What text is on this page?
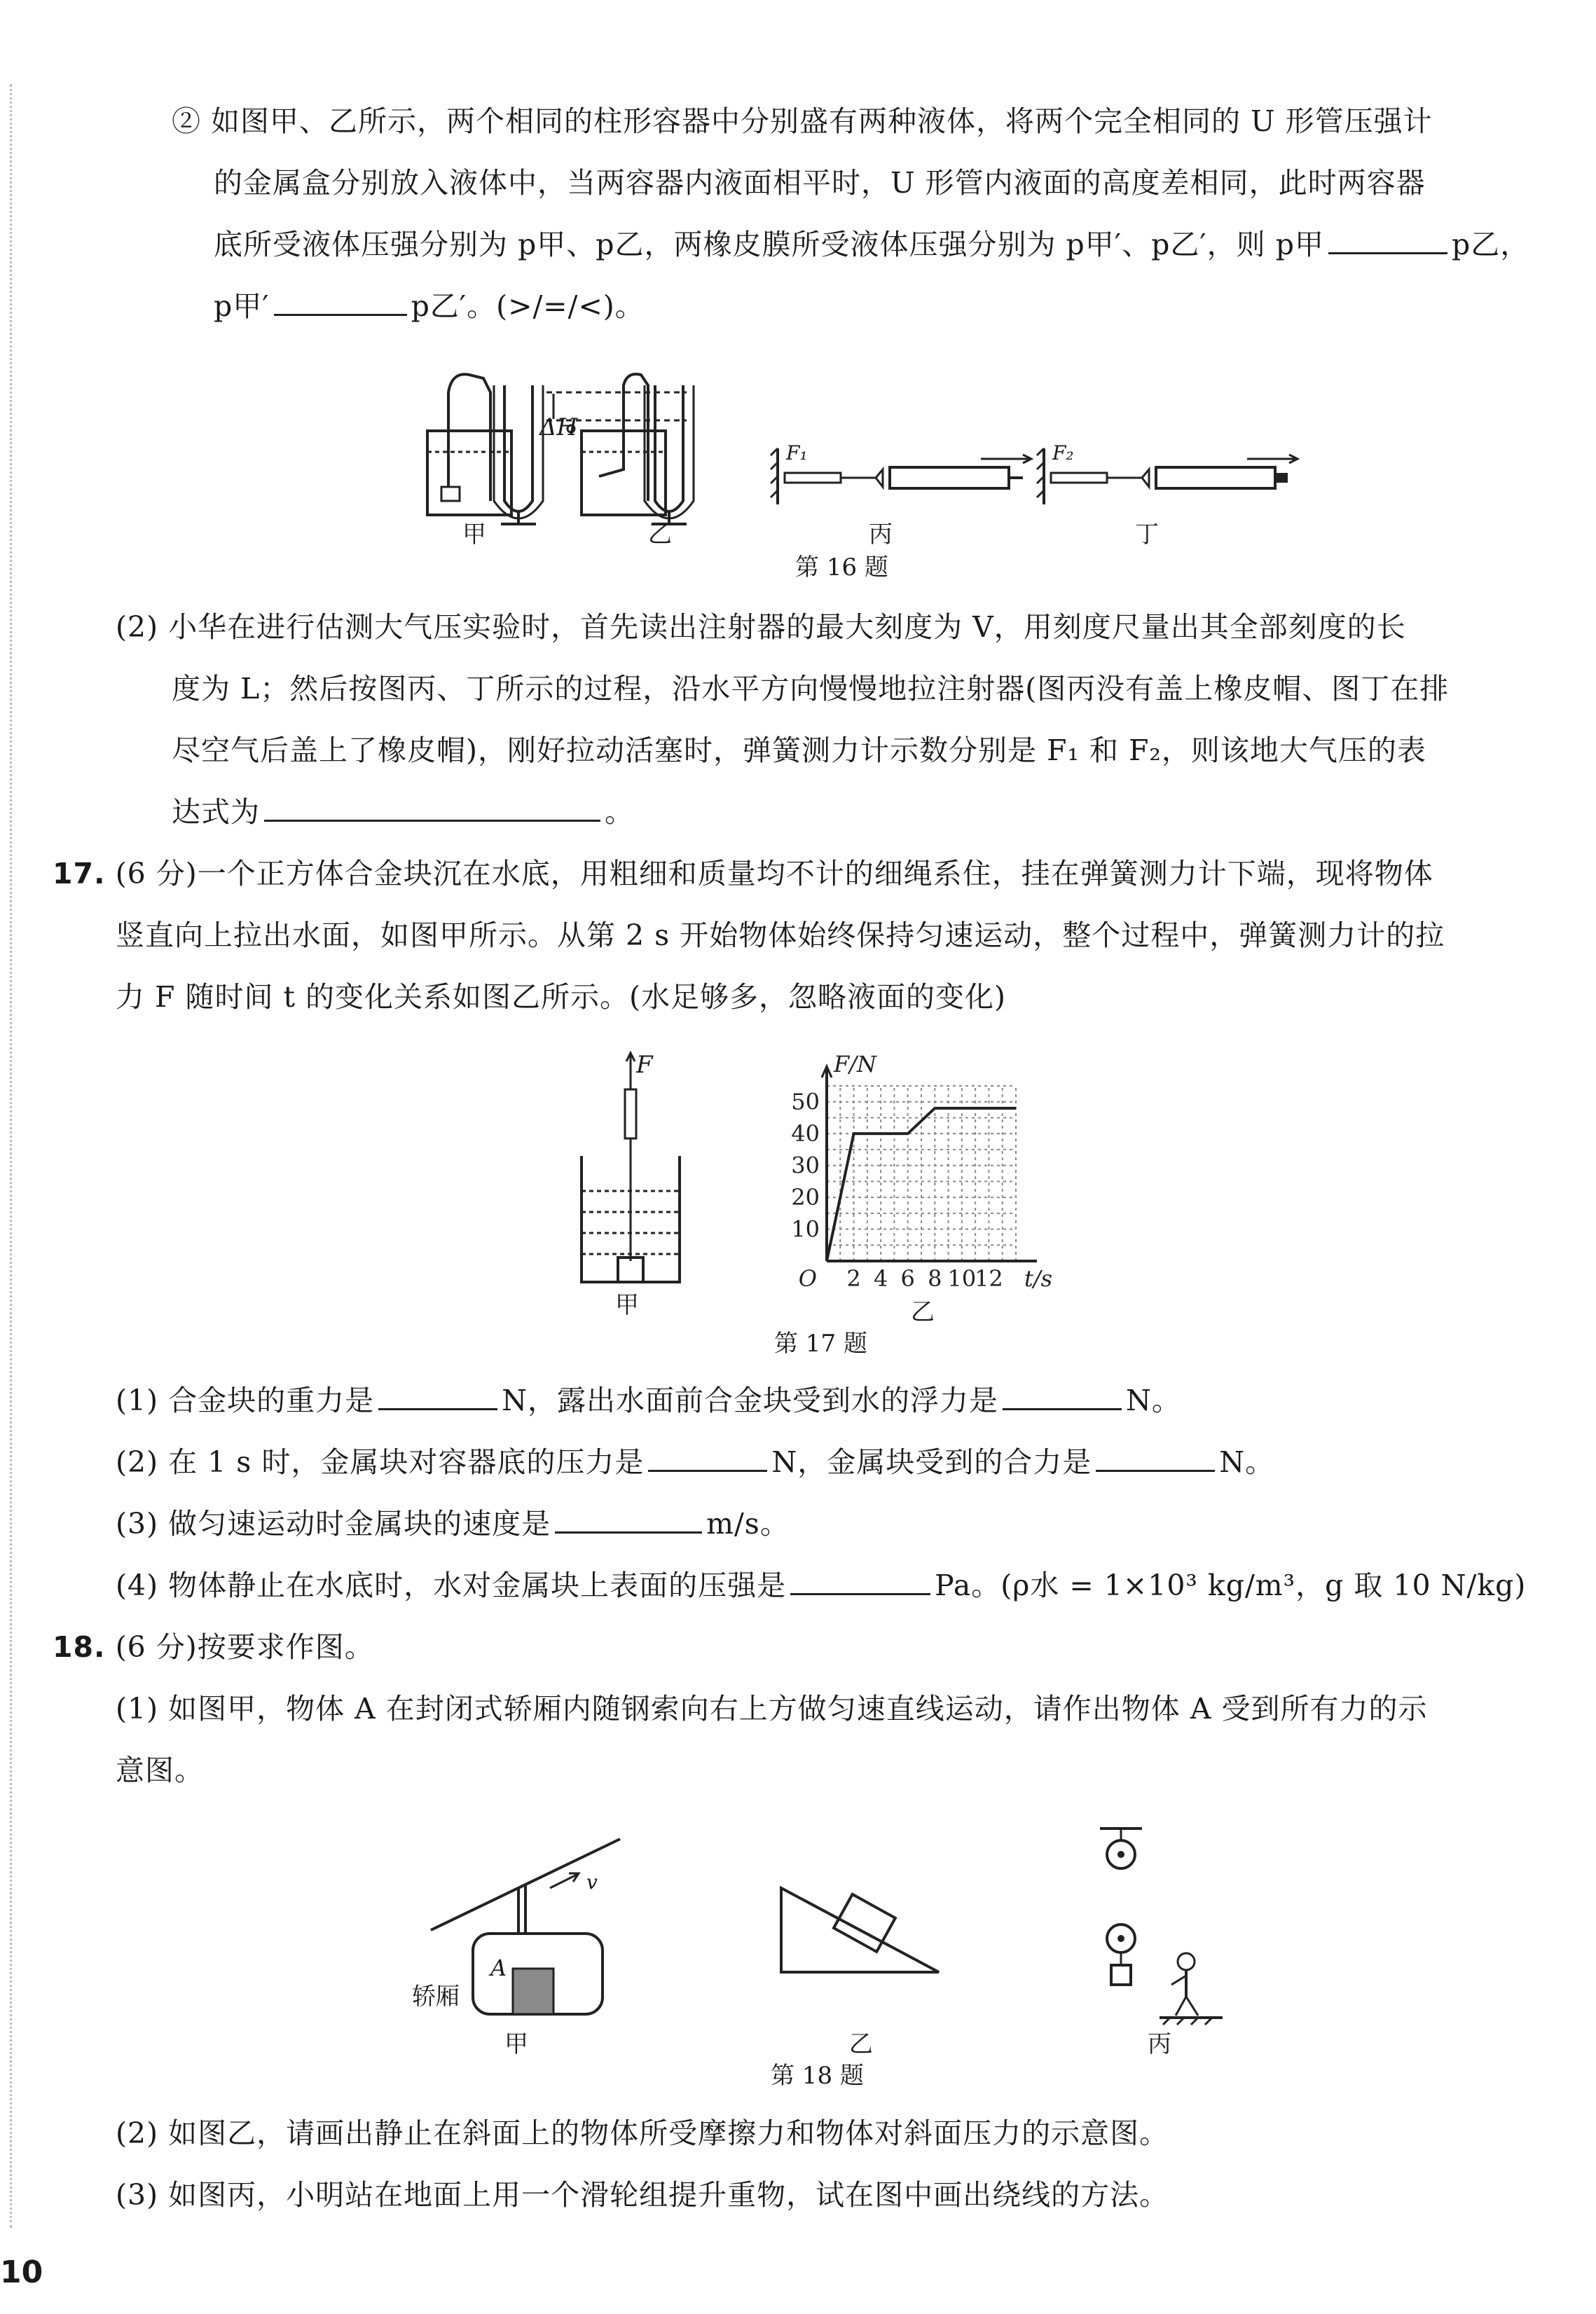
② 如图甲、乙所示，两个相同的柱形容器中分别盛有两种液体，将两个完全相同的 U 形管压强计
的金属盒分别放入液体中，当两容器内液面相平时，U 形管内液面的高度差相同，此时两容器
底所受液体压强分别为 p甲、p乙，两橡皮膜所受液体压强分别为 p甲′、p乙′，则 p甲	p乙，
p甲′	p乙′。(>/=/<)。
ΔH
甲	乙
F₁	F₂
丙	丁
第 16 题
(2) 小华在进行估测大气压实验时，首先读出注射器的最大刻度为 V，用刻度尺量出其全部刻度的长
度为 L；然后按图丙、丁所示的过程，沿水平方向慢慢地拉注射器(图丙没有盖上橡皮帽、图丁在排
尽空气后盖上了橡皮帽)，刚好拉动活塞时，弹簧测力计示数分别是 F₁ 和 F₂，则该地大气压的表
达式为	。
17. (6 分)一个正方体合金块沉在水底，用粗细和质量均不计的细绳系住，挂在弹簧测力计下端，现将物体
竖直向上拉出水面，如图甲所示。从第 2 s 开始物体始终保持匀速运动，整个过程中，弹簧测力计的拉
力 F 随时间 t 的变化关系如图乙所示。(水足够多，忽略液面的变化)
F
甲
2 4 6 8 10
12
10
20
30
40
50
O	t/s
F/N
乙
第 17 题
(1) 合金块的重力是	N，露出水面前合金块受到水的浮力是	N。
(2) 在 1 s 时，金属块对容器底的压力是	N，金属块受到的合力是	N。
(3) 做匀速运动时金属块的速度是	m/s。
(4) 物体静止在水底时，水对金属块上表面的压强是	Pa。(ρ水 = 1×10³ kg/m³，g 取 10 N/kg)
18. (6 分)按要求作图。
(1) 如图甲，物体 A 在封闭式轿厢内随钢索向右上方做匀速直线运动，请作出物体 A 受到所有力的示
意图。
v
A
轿厢
甲	乙	丙
第 18 题
(2) 如图乙，请画出静止在斜面上的物体所受摩擦力和物体对斜面压力的示意图。
(3) 如图丙，小明站在地面上用一个滑轮组提升重物，试在图中画出绕线的方法。
10
